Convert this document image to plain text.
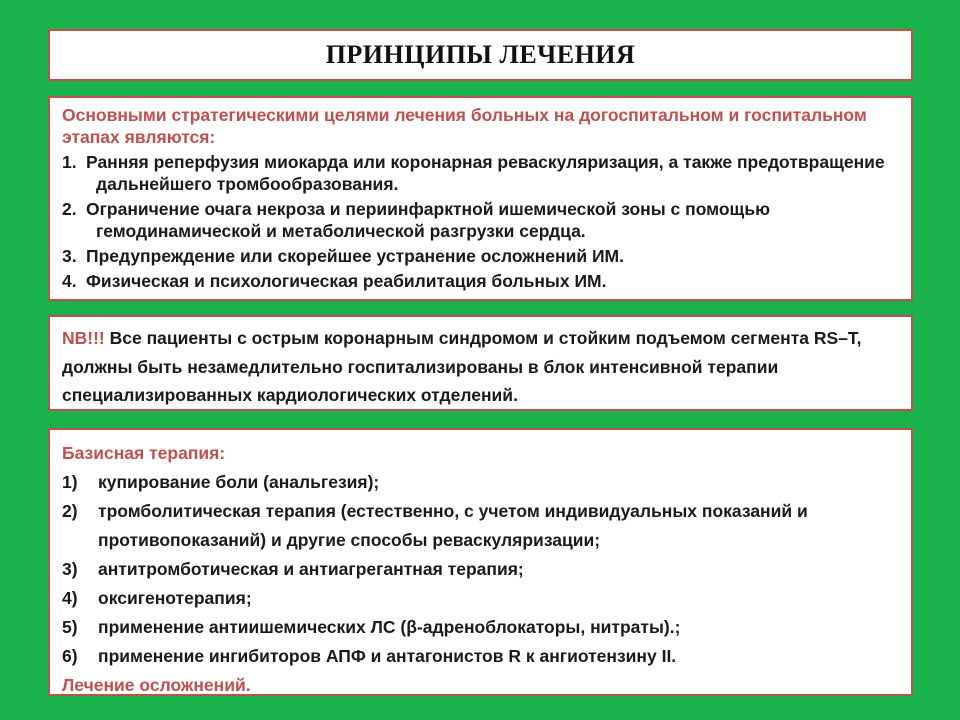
ПРИНЦИПЫ ЛЕЧЕНИЯ
Основными стратегическими целями лечения больных на догоспитальном и госпитальном этапах являются:
1. Ранняя реперфузия миокарда или коронарная реваскуляризация, а также предотвращение дальнейшего тромбообразования.
2. Ограничение очага некроза и периинфарктной ишемической зоны с помощью гемодинамической и метаболической разгрузки сердца.
3. Предупреждение или скорейшее устранение осложнений ИМ.
4. Физическая и психологическая реабилитация больных ИМ.
NB!!! Все пациенты с острым коронарным синдромом и стойким подъемом сегмента RS–T, должны быть незамедлительно госпитализированы в блок интенсивной терапии специализированных кардиологических отделений.
Базисная терапия:
1)	купирование боли (анальгезия);
2)	тромболитическая терапия (естественно, с учетом индивидуальных показаний и противопоказаний) и другие способы реваскуляризации;
3)	антитромботическая и антиагрегантная терапия;
4)	оксигенотерапия;
5)	применение антиишемических ЛС (β-адреноблокаторы, нитраты).;
6)	применение ингибиторов АПФ и антагонистов R к ангиотензину II.
Лечение осложнений.
